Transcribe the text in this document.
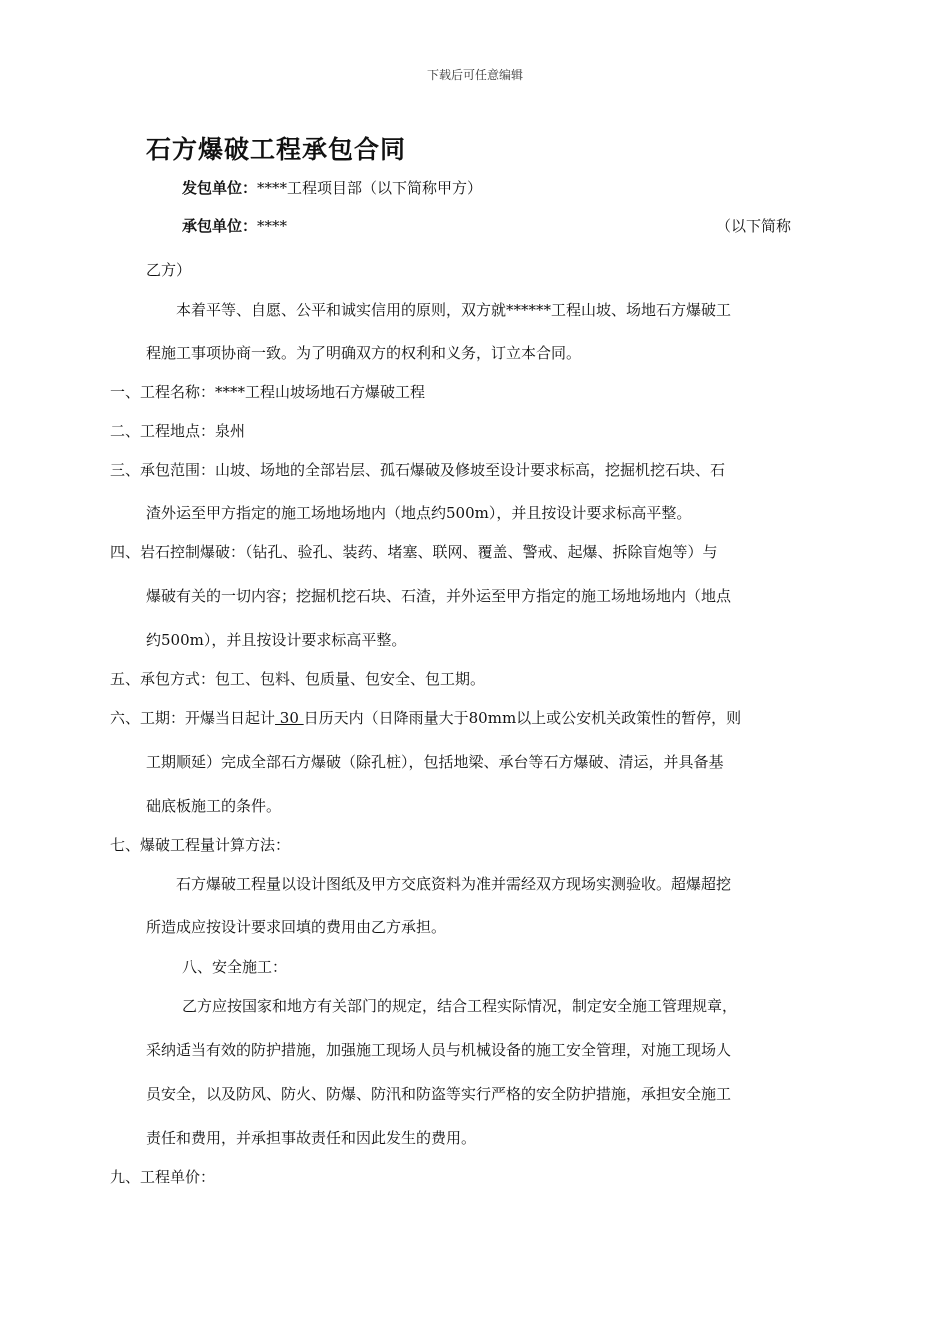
下载后可任意编辑
石方爆破工程承包合同
发包单位：****工程项目部（以下简称甲方）
承包单位：****	（以下简称
乙方）
本着平等、自愿、公平和诚实信用的原则，双方就******工程山坡、场地石方爆破工
程施工事项协商一致。为了明确双方的权利和义务，订立本合同。
一、工程名称：****工程山坡场地石方爆破工程
二、工程地点：泉州
三、承包范围：山坡、场地的全部岩层、孤石爆破及修坡至设计要求标高，挖掘机挖石块、石
渣外运至甲方指定的施工场地场地内（地点约500m），并且按设计要求标高平整。
四、岩石控制爆破：（钻孔、验孔、装药、堵塞、联网、覆盖、警戒、起爆、拆除盲炮等）与
爆破有关的一切内容；挖掘机挖石块、石渣，并外运至甲方指定的施工场地场地内（地点
约500m），并且按设计要求标高平整。
五、承包方式：包工、包料、包质量、包安全、包工期。
六、工期：开爆当日起计 30 日历天内（日降雨量大于80mm以上或公安机关政策性的暂停，则
工期顺延）完成全部石方爆破（除孔桩），包括地梁、承台等石方爆破、清运，并具备基
础底板施工的条件。
七、爆破工程量计算方法：
石方爆破工程量以设计图纸及甲方交底资料为准并需经双方现场实测验收。超爆超挖
所造成应按设计要求回填的费用由乙方承担。
八、安全施工：
乙方应按国家和地方有关部门的规定，结合工程实际情况，制定安全施工管理规章，
采纳适当有效的防护措施，加强施工现场人员与机械设备的施工安全管理，对施工现场人
员安全，以及防风、防火、防爆、防汛和防盗等实行严格的安全防护措施，承担安全施工
责任和费用，并承担事故责任和因此发生的费用。
九、工程单价：
